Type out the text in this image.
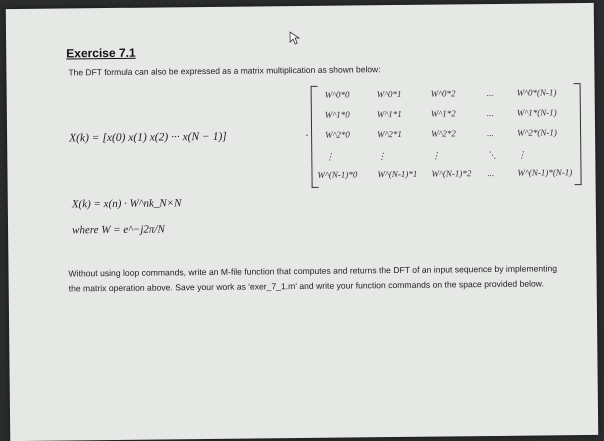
Exercise 7.1
The DFT formula can also be expressed as a matrix multiplication as shown below:
X(k) = [x(0) x(1) x(2) ··· x(N − 1)]	·
W^0*0	W^0*1	W^0*2	...	W^0*(N-1)
W^1*0	W^1*1	W^1*2	...	W^1*(N-1)
W^2*0	W^2*1	W^2*2	...	W^2*(N-1)
⋮	⋮	⋮	⋱ ⋮
W^(N-1)*0 W^(N-1)*1 W^(N-1)*2 ...	W^(N-1)*(N-1)
X(k) = x(n) · W^nk_N×N
where W = e^−j2π/N
Without using loop commands, write an M-file function that computes and returns the DFT of an input sequence by implementing the matrix operation above. Save your work as 'exer_7_1.m' and write your function commands on the space provided below.
